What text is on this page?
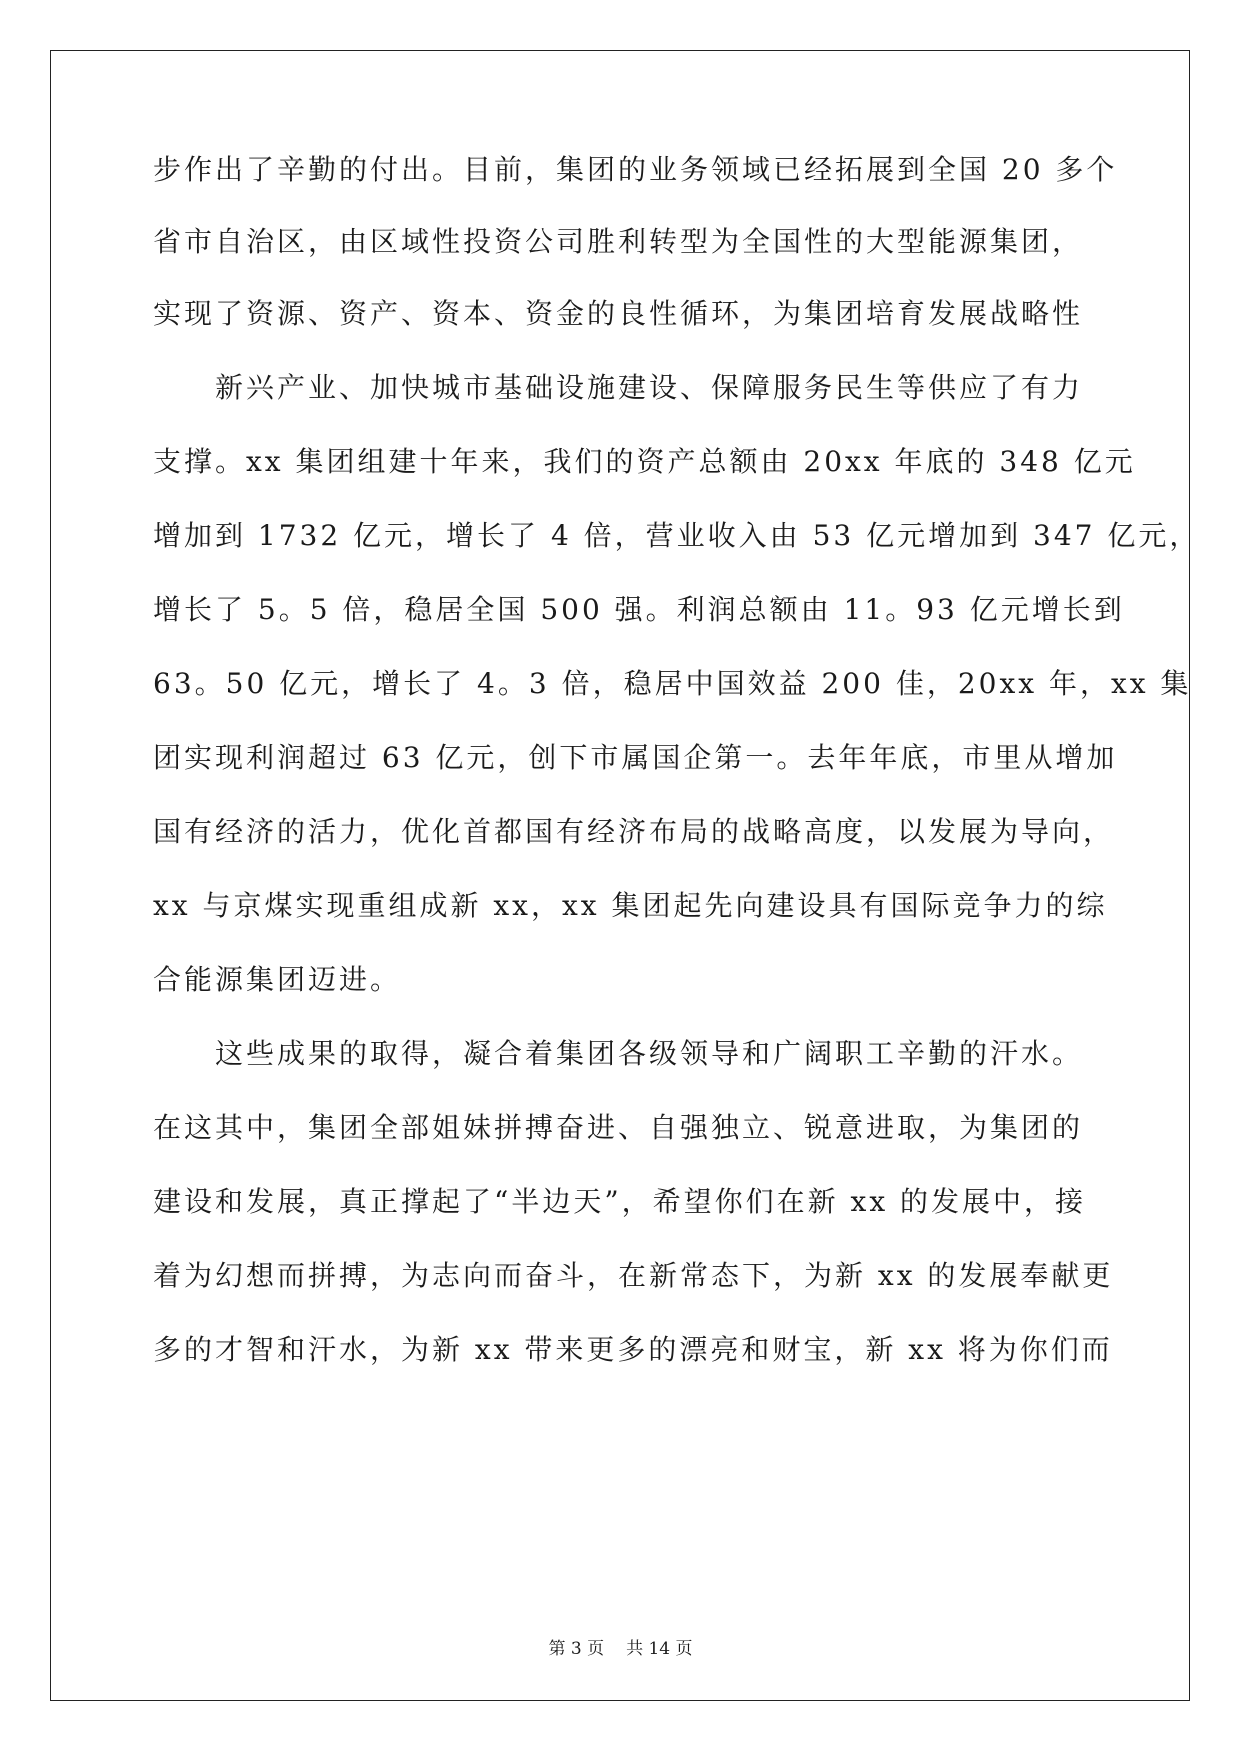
步作出了辛勤的付出。目前，集团的业务领域已经拓展到全国 20 多个
省市自治区，由区域性投资公司胜利转型为全国性的大型能源集团，
实现了资源、资产、资本、资金的良性循环，为集团培育发展战略性
新兴产业、加快城市基础设施建设、保障服务民生等供应了有力
支撑。xx 集团组建十年来，我们的资产总额由 20xx 年底的 348 亿元
增加到 1732 亿元，增长了 4 倍，营业收入由 53 亿元增加到 347 亿元，
增长了 5。5 倍，稳居全国 500 强。利润总额由 11。93 亿元增长到
63。50 亿元，增长了 4。3 倍，稳居中国效益 200 佳，20xx 年，xx 集
团实现利润超过 63 亿元，创下市属国企第一。去年年底，市里从增加
国有经济的活力，优化首都国有经济布局的战略高度，以发展为导向，
xx 与京煤实现重组成新 xx，xx 集团起先向建设具有国际竞争力的综
合能源集团迈进。
这些成果的取得，凝合着集团各级领导和广阔职工辛勤的汗水。
在这其中，集团全部姐妹拼搏奋进、自强独立、锐意进取，为集团的
建设和发展，真正撑起了“半边天”，希望你们在新 xx 的发展中，接
着为幻想而拼搏，为志向而奋斗，在新常态下，为新 xx 的发展奉献更
多的才智和汗水，为新 xx 带来更多的漂亮和财宝，新 xx 将为你们而
第 3 页 共 14 页
